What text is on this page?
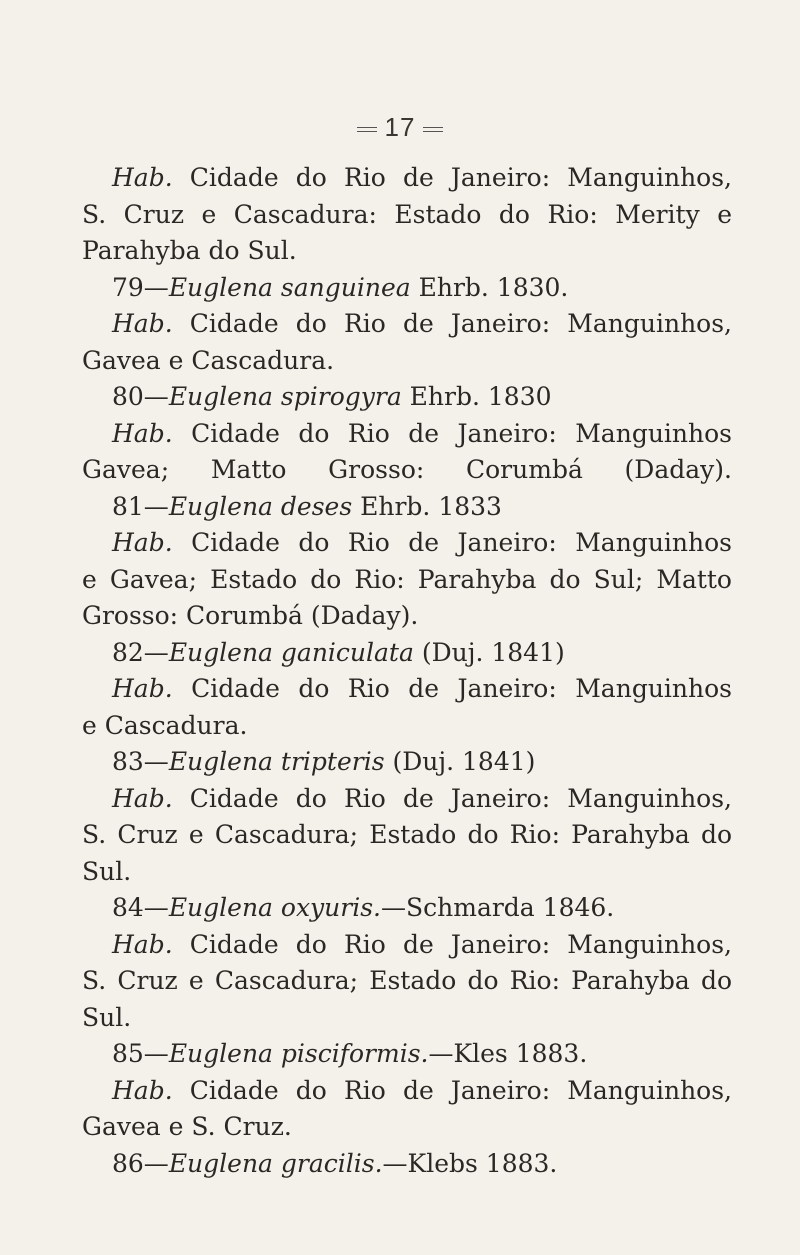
17
Hab. Cidade do Rio de Janeiro: Manguinhos,
S. Cruz e Cascadura: Estado do Rio: Merity e
Parahyba do Sul.
79—Euglena sanguinea Ehrb. 1830.
Hab. Cidade do Rio de Janeiro: Manguinhos,
Gavea e Cascadura.
80—Euglena spirogyra Ehrb. 1830
Hab. Cidade do Rio de Janeiro: Manguinhos
Gavea; Matto Grosso: Corumbá (Daday).
81—Euglena deses Ehrb. 1833
Hab. Cidade do Rio de Janeiro: Manguinhos
e Gavea; Estado do Rio: Parahyba do Sul; Matto
Grosso: Corumbá (Daday).
82—Euglena ganiculata (Duj. 1841)
Hab. Cidade do Rio de Janeiro: Manguinhos
e Cascadura.
83—Euglena tripteris (Duj. 1841)
Hab. Cidade do Rio de Janeiro: Manguinhos,
S. Cruz e Cascadura; Estado do Rio: Parahyba do
Sul.
84—Euglena oxyuris.—Schmarda 1846.
Hab. Cidade do Rio de Janeiro: Manguinhos,
S. Cruz e Cascadura; Estado do Rio: Parahyba do
Sul.
85—Euglena pisciformis.—Kles 1883.
Hab. Cidade do Rio de Janeiro: Manguinhos,
Gavea e S. Cruz.
86—Euglena gracilis.—Klebs 1883.
